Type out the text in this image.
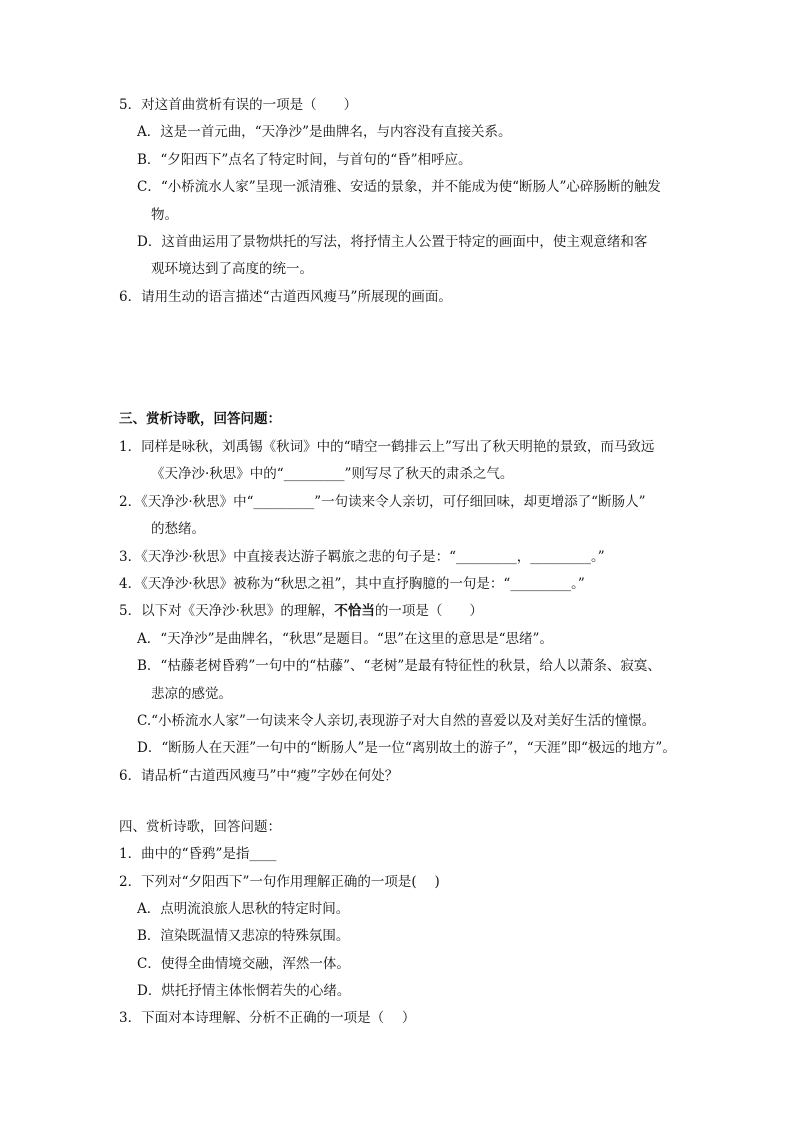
5．对这首曲赏析有误的一项是（　　）
A．这是一首元曲，“天净沙”是曲牌名，与内容没有直接关系。
B．“夕阳西下”点名了特定时间，与首句的“昏”相呼应。
C．“小桥流水人家”呈现一派清雅、安适的景象，并不能成为使“断肠人”心碎肠断的触发
物。
D．这首曲运用了景物烘托的写法，将抒情主人公置于特定的画面中，使主观意绪和客
观环境达到了高度的统一。
6．请用生动的语言描述“古道西风瘦马”所展现的画面。
三、赏析诗歌，回答问题：
1．同样是咏秋，刘禹锡《秋词》中的“晴空一鹤排云上”写出了秋天明艳的景致，而马致远
《天净沙·秋思》中的“_________”则写尽了秋天的肃杀之气。
2．《天净沙·秋思》中“_________”一句读来令人亲切，可仔细回味，却更增添了“断肠人”
的愁绪。
3．《天净沙·秋思》中直接表达游子羁旅之悲的句子是：“_________，_________。”
4．《天净沙·秋思》被称为“秋思之祖”，其中直抒胸臆的一句是：“_________。”
5．以下对《天净沙·秋思》的理解，不恰当的一项是（　　）
A．“天净沙”是曲牌名，“秋思”是题目。“思”在这里的意思是“思绪”。
B．“枯藤老树昏鸦”一句中的“枯藤”、“老树”是最有特征性的秋景，给人以萧条、寂寞、
悲凉的感觉。
C.“小桥流水人家”一句读来令人亲切,表现游子对大自然的喜爱以及对美好生活的憧憬。
D．“断肠人在天涯”一句中的“断肠人”是一位“离别故土的游子”，“天涯”即“极远的地方”。
6．请品析“古道西风瘦马”中“瘦”字妙在何处？
四、赏析诗歌，回答问题：
1．曲中的“昏鸦”是指____
2．下列对“夕阳西下”一句作用理解正确的一项是(　 )
A．点明流浪旅人思秋的特定时间。
B．渲染既温情又悲凉的特殊氛围。
C．使得全曲情境交融，浑然一体。
D．烘托抒情主体怅惘若失的心绪。
3．下面对本诗理解、分析不正确的一项是（　 ）
